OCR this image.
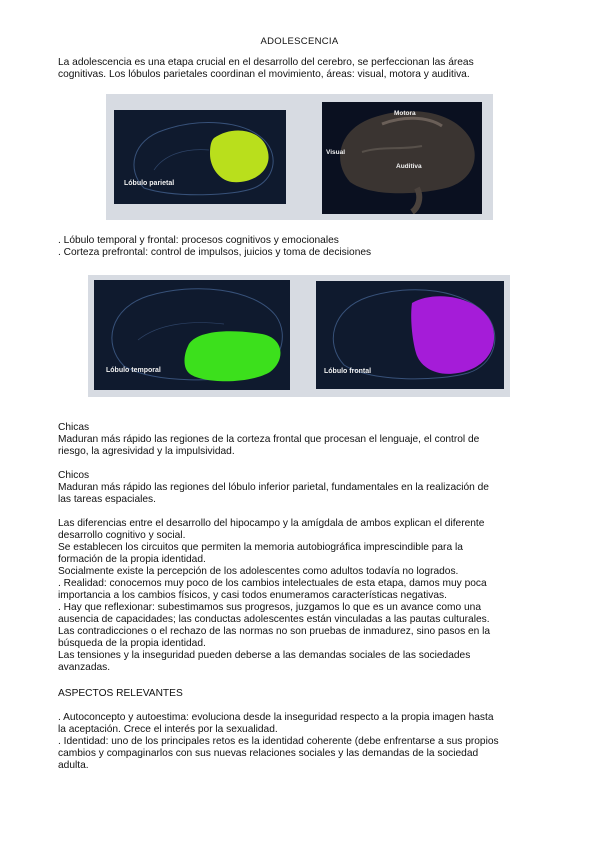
ADOLESCENCIA
La adolescencia es una etapa crucial en el desarrollo del cerebro, se perfeccionan las áreas
cognitivas. Los lóbulos parietales coordinan el movimiento, áreas: visual, motora y auditiva.
Lóbulo parietal
Motora
Visual
Auditiva
. Lóbulo temporal y frontal: procesos cognitivos y emocionales
. Corteza prefrontal: control de impulsos, juicios y toma de decisiones
Lóbulo temporal	Lóbulo frontal
Chicas
Maduran más rápido las regiones de la corteza frontal que procesan el lenguaje, el control de
riesgo, la agresividad y la impulsividad.
Chicos
Maduran más rápido las regiones del lóbulo inferior parietal, fundamentales en la realización de
las tareas espaciales.
Las diferencias entre el desarrollo del hipocampo y la amígdala de ambos explican el diferente
desarrollo cognitivo y social.
Se establecen los circuitos que permiten la memoria autobiográfica imprescindible para la
formación de la propia identidad.
Socialmente existe la percepción de los adolescentes como adultos todavía no logrados.
. Realidad: conocemos muy poco de los cambios intelectuales de esta etapa, damos muy poca
importancia a los cambios físicos, y casi todos enumeramos características negativas.
. Hay que reflexionar: subestimamos sus progresos, juzgamos lo que es un avance como una
ausencia de capacidades; las conductas adolescentes están vinculadas a las pautas culturales.
Las contradicciones o el rechazo de las normas no son pruebas de inmadurez, sino pasos en la
búsqueda de la propia identidad.
Las tensiones y la inseguridad pueden deberse a las demandas sociales de las sociedades
avanzadas.
ASPECTOS RELEVANTES
. Autoconcepto y autoestima: evoluciona desde la inseguridad respecto a la propia imagen hasta
la aceptación. Crece el interés por la sexualidad.
. Identidad: uno de los principales retos es la identidad coherente (debe enfrentarse a sus propios
cambios y compaginarlos con sus nuevas relaciones sociales y las demandas de la sociedad
adulta.
